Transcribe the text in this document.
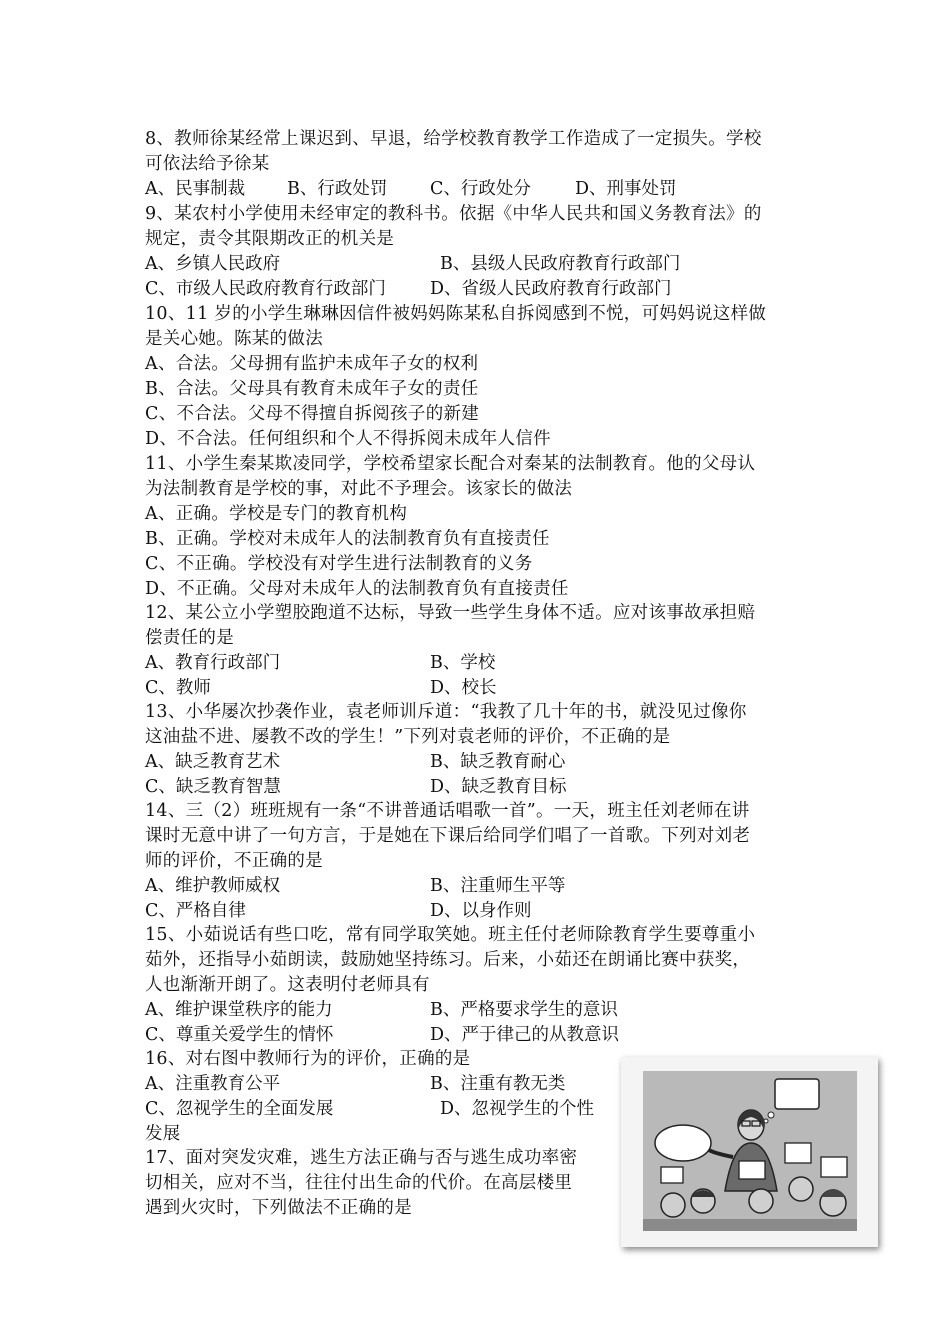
8、教师徐某经常上课迟到、早退，给学校教育教学工作造成了一定损失。学校
可依法给予徐某
A、民事制裁 B、行政处罚 C、行政处分	D、刑事处罚
9、某农村小学使用未经审定的教科书。依据《中华人民共和国义务教育法》的
规定，责令其限期改正的机关是
A、乡镇人民政府	B、县级人民政府教育行政部门
C、市级人民政府教育行政部门	D、省级人民政府教育行政部门
10、11 岁的小学生琳琳因信件被妈妈陈某私自拆阅感到不悦，可妈妈说这样做
是关心她。陈某的做法
A、合法。父母拥有监护未成年子女的权利
B、合法。父母具有教育未成年子女的责任
C、不合法。父母不得擅自拆阅孩子的新建
D、不合法。任何组织和个人不得拆阅未成年人信件
11、小学生秦某欺凌同学，学校希望家长配合对秦某的法制教育。他的父母认
为法制教育是学校的事，对此不予理会。该家长的做法
A、正确。学校是专门的教育机构
B、正确。学校对未成年人的法制教育负有直接责任
C、不正确。学校没有对学生进行法制教育的义务
D、不正确。父母对未成年人的法制教育负有直接责任
12、某公立小学塑胶跑道不达标，导致一些学生身体不适。应对该事故承担赔
偿责任的是
A、教育行政部门	B、学校
C、教师	D、校长
13、小华屡次抄袭作业，袁老师训斥道：“我教了几十年的书，就没见过像你
这油盐不进、屡教不改的学生！”下列对袁老师的评价，不正确的是
A、缺乏教育艺术	B、缺乏教育耐心
C、缺乏教育智慧	D、缺乏教育目标
14、三（2）班班规有一条“不讲普通话唱歌一首”。一天，班主任刘老师在讲
课时无意中讲了一句方言，于是她在下课后给同学们唱了一首歌。下列对刘老
师的评价，不正确的是
A、维护教师威权	B、注重师生平等
C、严格自律	D、以身作则
15、小茹说话有些口吃，常有同学取笑她。班主任付老师除教育学生要尊重小
茹外，还指导小茹朗读，鼓励她坚持练习。后来，小茹还在朗诵比赛中获奖，
人也渐渐开朗了。这表明付老师具有
A、维护课堂秩序的能力	B、严格要求学生的意识
C、尊重关爱学生的情怀	D、严于律己的从教意识
16、对右图中教师行为的评价，正确的是
A、注重教育公平	B、注重有教无类
C、忽视学生的全面发展	D、忽视学生的个性
发展
17、面对突发灾难，逃生方法正确与否与逃生成功率密
切相关，应对不当，往往付出生命的代价。在高层楼里
遇到火灾时，下列做法不正确的是
